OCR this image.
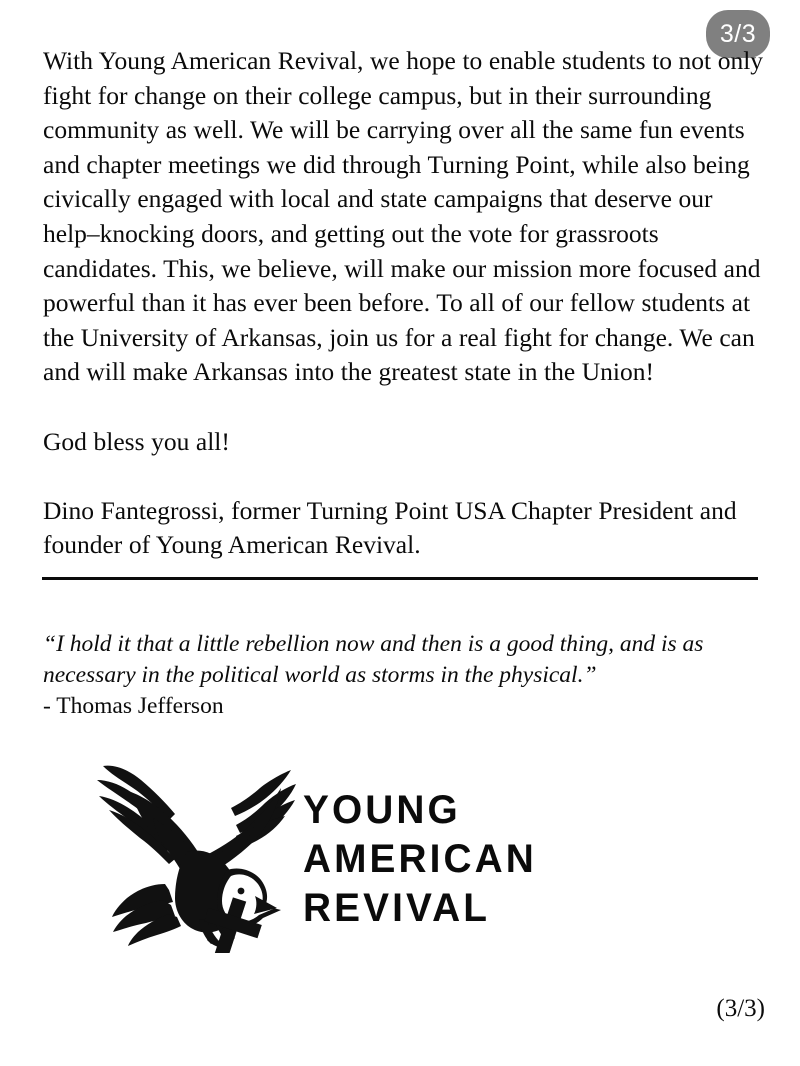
3/3

With Young American Revival, we hope to enable students to not only fight for change on their college campus, but in their surrounding community as well. We will be carrying over all the same fun events and chapter meetings we did through Turning Point, while also being civically engaged with local and state campaigns that deserve our help–knocking doors, and getting out the vote for grassroots candidates. This, we believe, will make our mission more focused and powerful than it has ever been before. To all of our fellow students at the University of Arkansas, join us for a real fight for change. We can and will make Arkansas into the greatest state in the Union!

God bless you all!

Dino Fantegrossi, former Turning Point USA Chapter President and founder of Young American Revival.

“I hold it that a little rebellion now and then is a good thing, and is as necessary in the political world as storms in the physical.”

- Thomas Jefferson

YOUNG
AMERICAN
REVIVAL
(3/3)
